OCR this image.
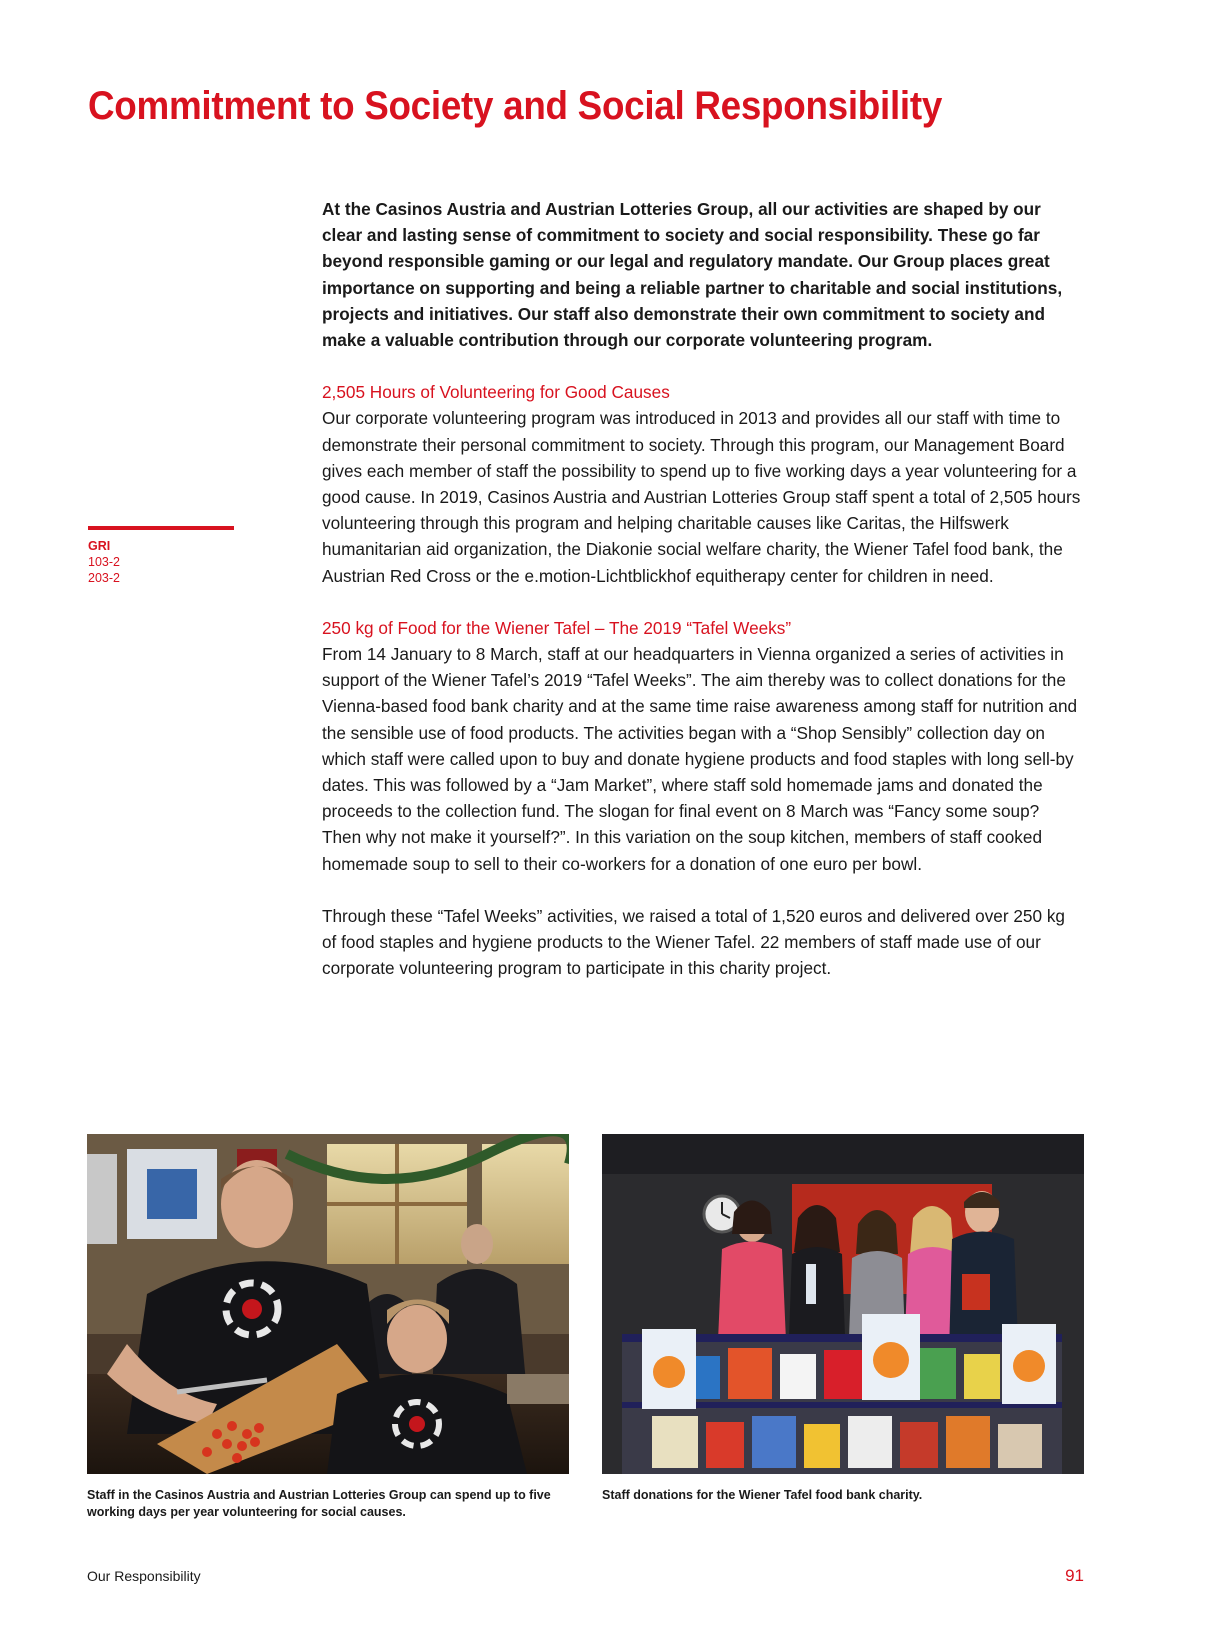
Commitment to Society and Social Responsibility
GRI
103-2
203-2

At the Casinos Austria and Austrian Lotteries Group, all our activities are shaped by our clear and lasting sense of commitment to society and social responsibility. These go far beyond responsible gaming or our legal and regulatory mandate. Our Group places great importance on supporting and being a reliable partner to charitable and social institutions, projects and initiatives. Our staff also demonstrate their own commitment to society and make a valuable contribution through our corporate volunteering program.

2,505 Hours of Volunteering for Good Causes

Our corporate volunteering program was introduced in 2013 and provides all our staff with time to demonstrate their personal commitment to society. Through this program, our Management Board gives each member of staff the possibility to spend up to five working days a year volunteering for a good cause. In 2019, Casinos Austria and Austrian Lotteries Group staff spent a total of 2,505 hours volunteering through this program and helping charitable causes like Caritas, the Hilfswerk humanitarian aid organization, the Diakonie social welfare charity, the Wiener Tafel food bank, the Austrian Red Cross or the e.motion-Lichtblickhof equitherapy center for children in need.

250 kg of Food for the Wiener Tafel – The 2019 “Tafel Weeks”

From 14 January to 8 March, staff at our headquarters in Vienna organized a series of activities in support of the Wiener Tafel’s 2019 “Tafel Weeks”. The aim thereby was to collect donations for the Vienna-based food bank charity and at the same time raise awareness among staff for nutrition and the sensible use of food products. The activities began with a “Shop Sensibly” collection day on which staff were called upon to buy and donate hygiene products and food staples with long sell-by dates. This was followed by a “Jam Market”, where staff sold homemade jams and donated the proceeds to the collection fund. The slogan for final event on 8 March was “Fancy some soup? Then why not make it yourself?”. In this variation on the soup kitchen, members of staff cooked homemade soup to sell to their co-workers for a donation of one euro per bowl.

Through these “Tafel Weeks” activities, we raised a total of 1,520 euros and delivered over 250 kg of food staples and hygiene products to the Wiener Tafel. 22 members of staff made use of our corporate volunteering program to participate in this charity project.

Staff in the Casinos Austria and Austrian Lotteries Group can spend up to five working days per year volunteering for social causes.

Staff donations for the Wiener Tafel food bank charity.

Our Responsibility	91
